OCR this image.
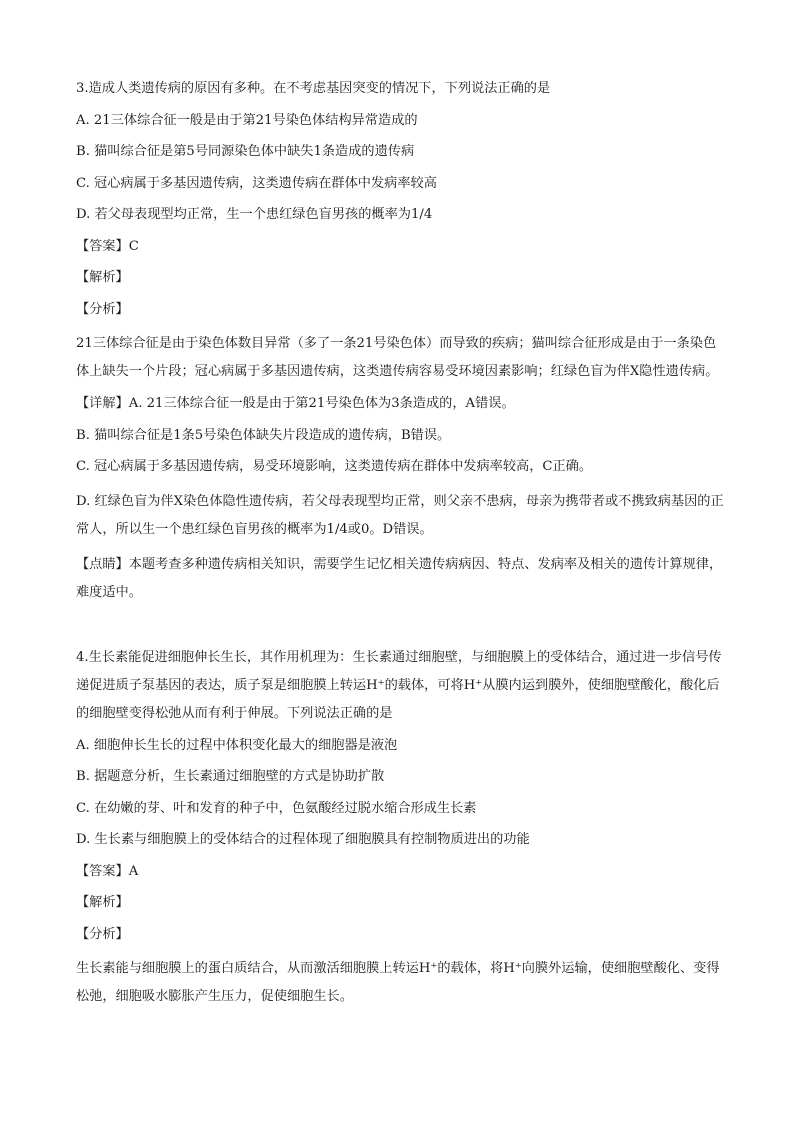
3.造成人类遗传病的原因有多种。在不考虑基因突变的情况下，下列说法正确的是

A. 21三体综合征一般是由于第21号染色体结构异常造成的

B. 猫叫综合征是第5号同源染色体中缺失1条造成的遗传病

C. 冠心病属于多基因遗传病，这类遗传病在群体中发病率较高

D. 若父母表现型均正常，生一个患红绿色盲男孩的概率为1/4

【答案】C

【解析】

【分析】

21三体综合征是由于染色体数目异常（多了一条21号染色体）而导致的疾病；猫叫综合征形成是由于一条染色体上缺失一个片段；冠心病属于多基因遗传病，这类遗传病容易受环境因素影响；红绿色盲为伴X隐性遗传病。

【详解】A. 21三体综合征一般是由于第21号染色体为3条造成的，A错误。

B. 猫叫综合征是1条5号染色体缺失片段造成的遗传病，B错误。

C. 冠心病属于多基因遗传病，易受环境影响，这类遗传病在群体中发病率较高，C正确。

D. 红绿色盲为伴X染色体隐性遗传病，若父母表现型均正常，则父亲不患病，母亲为携带者或不携致病基因的正常人，所以生一个患红绿色盲男孩的概率为1/4或0。D错误。

【点睛】本题考查多种遗传病相关知识，需要学生记忆相关遗传病病因、特点、发病率及相关的遗传计算规律，难度适中。

4.生长素能促进细胞伸长生长，其作用机理为：生长素通过细胞壁，与细胞膜上的受体结合，通过进一步信号传递促进质子泵基因的表达，质子泵是细胞膜上转运H⁺的载体，可将H⁺从膜内运到膜外，使细胞壁酸化，酸化后的细胞壁变得松弛从而有利于伸展。下列说法正确的是

A. 细胞伸长生长的过程中体积变化最大的细胞器是液泡

B. 据题意分析，生长素通过细胞壁的方式是协助扩散

C. 在幼嫩的芽、叶和发育的种子中，色氨酸经过脱水缩合形成生长素

D. 生长素与细胞膜上的受体结合的过程体现了细胞膜具有控制物质进出的功能

【答案】A

【解析】

【分析】

生长素能与细胞膜上的蛋白质结合，从而激活细胞膜上转运H⁺的载体，将H⁺向膜外运输，使细胞壁酸化、变得松弛，细胞吸水膨胀产生压力，促使细胞生长。
